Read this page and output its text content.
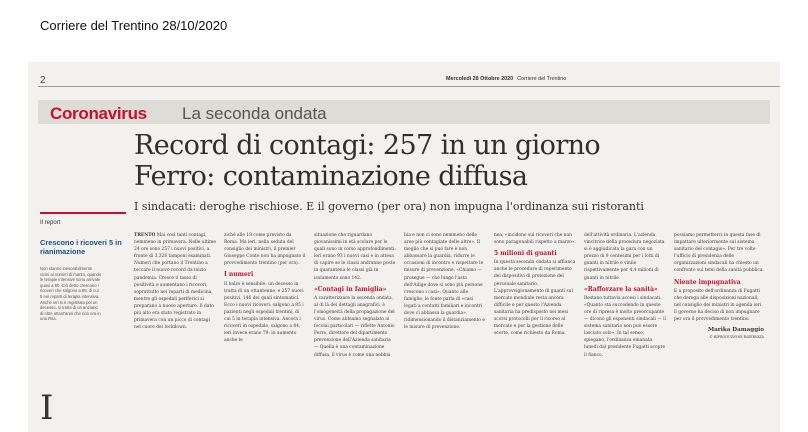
Corriere del Trentino 28/10/2020
2	Mercoledì 28 Ottobre 2020 Corriere del Trentino
Coronavirus La seconda ondata
Record di contagi: 257 in un giorno
Ferro: contaminazione diffusa
I sindacati: deroghe rischiose. E il governo (per ora) non impugna l'ordinanza sui ristoranti
Il report
Crescono i ricoveri 5 in rianimazione
Non stanno inesorabilmente vicini ai numeri di marzo, quando le terapie intensive sono arrivate quasi a 80. Ciò detto crescono i ricoveri che salgono a 85: di cui 5 nei reparti di terapia intensiva. Anche ieri si è registrato poi un decesso, si tratta di un anziano di oltre ottant'anni che non era in una Rsa.
I

TRENTO Mai così tanti contagi, nemmeno in primavera. Nelle ultime 24 ore sono 257 i nuovi positivi, a fronte di 3.326 tamponi esaminati. Numeri che portano il Trentino a toccare il nuovo record da inizio pandemia. Cresce il tasso di positività e aumentano i ricoveri, soprattutto nei reparti di medicina, mentre gli ospedali periferici si preparano a nuove aperture. Il dato più alto era stato registrato in primavera con un picco di contagi nel cuore del lockdown.

ziché alle 18 come previsto da Roma. Ma ieri, nella seduta del consiglio dei ministri, il premier Giuseppe Conte non ha impugnato il provvedimento trentino (per ora).

I numeri

Il balzo è sensibile: un decesso in tratta di un ottantenne, e 257 nuovi positivi, 146 dei quali sintomatici. Ecco i nuovi ricoveri: salgono a 85 i pazienti negli ospedali trentini, di cui 5 in terapia intensiva. Ancora i ricoveri in ospedale, salgono a 84, ieri invece erano 79: in aumento anche le

situazione che riguardano giovanissimi in età scolare per le quali sono in corso approfondimenti: ieri erano 93 i nuovi casi e in attesa di capire se le classi andranno poste in quarantena le classi già in isolamento sono 142.

«Contagi in famiglia»

A caratterizzare la seconda ondata, al di là dei dettagli anagrafici, è l'omogeneità della propagazione del virus. Come abbiamo segnalato ai focolai particolari — riflette Antonio Ferro, direttore del dipartimento prevenzione dell'Azienda sanitaria — Quella è una contaminazione diffusa, il virus è come una nebbia

bia e non ci sono nemmeno delle aree più contagiate delle altre». Il meglio che si può fare è non abbassare la guardia, ridurre le occasioni di incontro e rispettare le misure di prevenzione. «Chiamo — prosegue — che lungo l'asta dell'Adige dove si sono più persone crescono i casi». Quanto alle famiglie, le fonte parla di «casi legati a contatti familiari e incontri dove ci abbassa la guardia», ridimensionando il distanziamento e le misure di prevenzione.

nea, «incidono sui ricoveri che non sono paragonabili rispetto a marzo».

5 milioni di guanti

In questa seconda ondata si affianca anche le procedure di reperimento dei dispositivi di protezione del personale sanitario. L'approvvigionamento di guanti sul mercato mondiale resta ancora difficile e per questo l'Azienda sanitaria ha predisposto nei mesi scorsi protocolli per il ricorso al mercato e per la gestione delle scorte, come richiesto da Roma.

dell'attività ordinaria. L'azienda vincitrice della procedura negoziata si è aggiudicata la gara con un prezzo di 9 centesimi per i lotti di guanti in nitrile e vinile rispettivamente per 4,4 milioni di guanti in nitrile.

«Rafforzare la sanità»

Restano tuttavia accesi i sindacati. «Quanto sta succedendo in queste ore di ripresa è molto preoccupante — dicono gli esponenti sindacali — il sistema sanitario non può essere lasciato solo». In tal senso, spiegano, l'ordinanza emanata lunedì dal presidente Fugatti scopre il fianco.

possiamo permetterci in questa fase di impattare ulteriormente sul sistema sanitario del contagio». Per tre volte l'ufficio di presidenza delle organizzazioni sindacali ha chiesto un confronto sui temi della sanità pubblica.

Niente impugnativa

E a proposito dell'ordinanza di Fugatti che deroga alle disposizioni nazionali, nel consiglio dei ministri in agenda ieri il governo ha deciso di non impugnare per ora il provvedimento trentino.

Marika Damaggio
© RIPRODUZIONE RISERVATA
